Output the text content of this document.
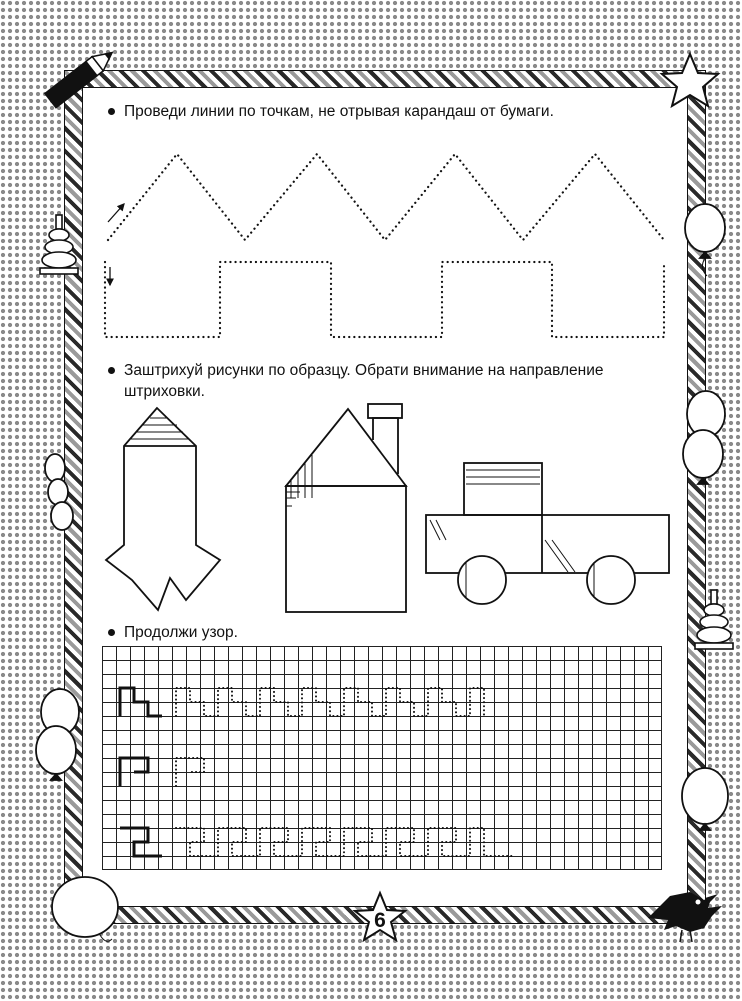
Проведи линии по точкам, не отрывая карандаш от бумаги.

Заштрихуй рисунки по образцу. Обрати внимание на направление штриховки.

Продолжи узор.

6
